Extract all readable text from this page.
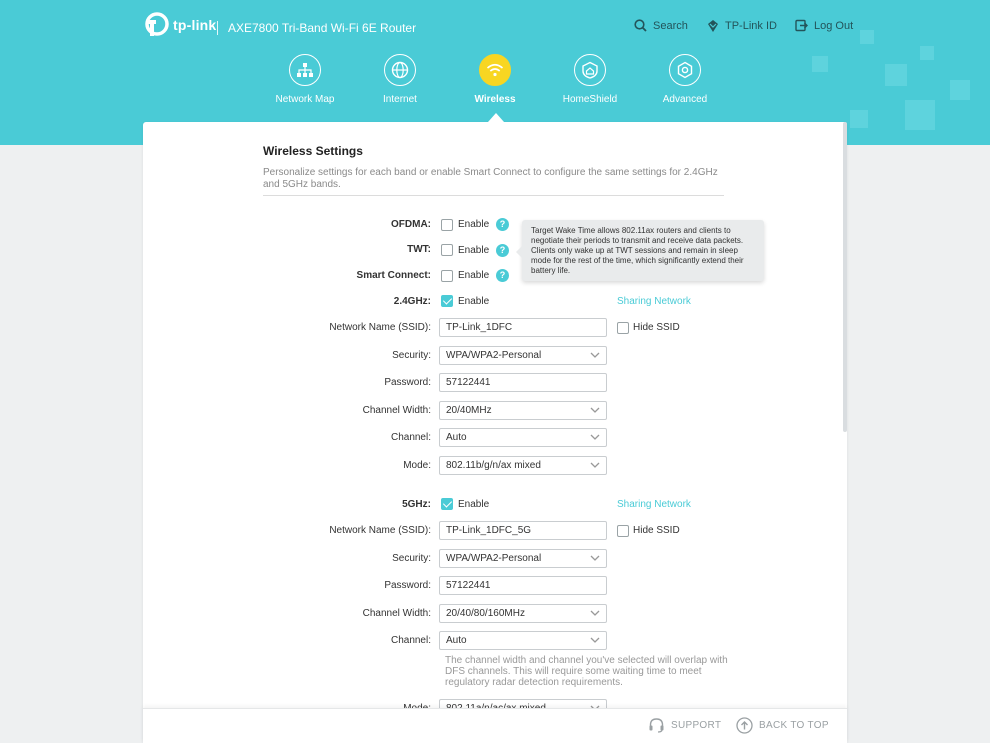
tp-link AXE7800 Tri-Band Wi-Fi 6E Router	Search	TP-Link ID	Log Out
Network Map	Internet	Wireless	HomeShield	Advanced
Wireless Settings
Personalize settings for each band or enable Smart Connect to configure the same settings for 2.4GHz and 5GHz bands.
OFDMA:	Enable	?
TWT:	Enable	?
Smart Connect:	Enable	?
Target Wake Time allows 802.11ax routers and clients to negotiate their periods to transmit and receive data packets. Clients only wake up at TWT sessions and remain in sleep mode for the rest of the time, which significantly extend their battery life.
2.4GHz:	Enable	Sharing Network
Network Name (SSID):	TP-Link_1DFC	Hide SSID
Security:	WPA/WPA2-Personal
Password:	57122441
Channel Width:	20/40MHz
Channel:	Auto
Mode:	802.11b/g/n/ax mixed
5GHz:	Enable	Sharing Network
Network Name (SSID):	TP-Link_1DFC_5G	Hide SSID
Security:	WPA/WPA2-Personal
Password:	57122441
Channel Width:	20/40/80/160MHz
Channel:	Auto
The channel width and channel you've selected will overlap with DFS channels. This will require some waiting time to meet regulatory radar detection requirements.
SUPPORT	BACK TO TOP
